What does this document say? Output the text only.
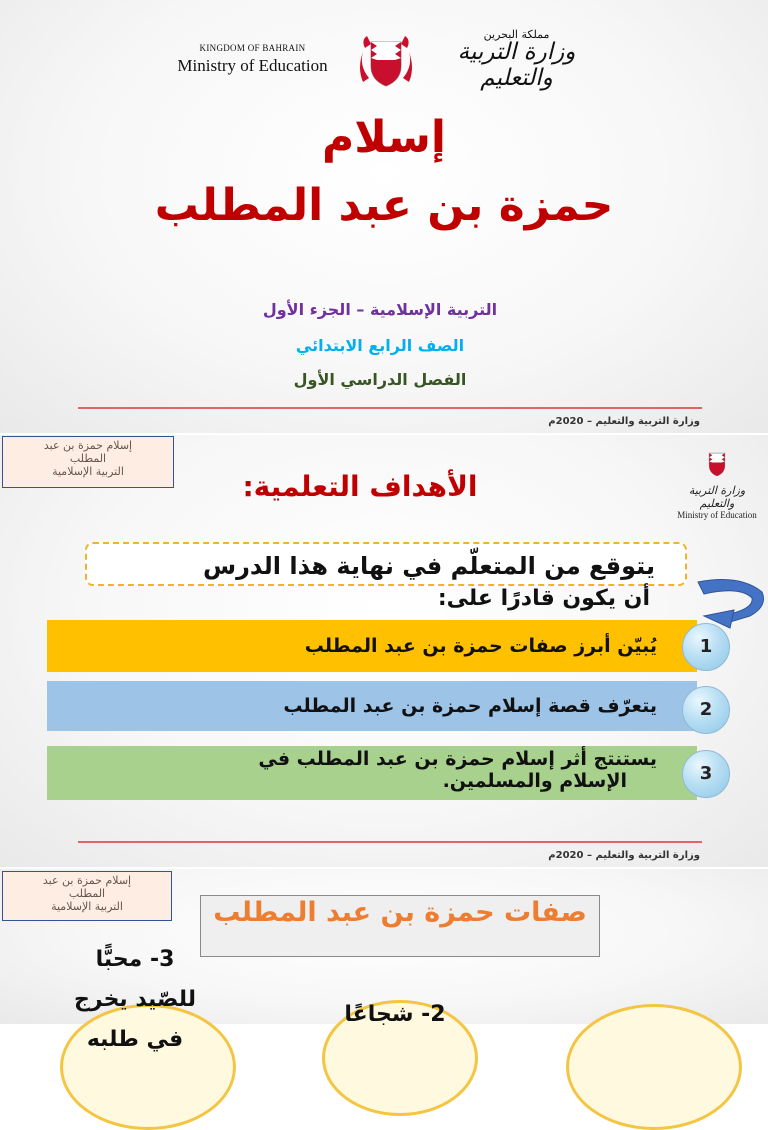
KINGDOM OF BAHRAIN
Ministry of Education
مملكة البحرين
وزارة التربية والتعليم
إسلام
حمزة بن عبد المطلب
التربية الإسلامية – الجزء الأول
الصف الرابع الابتدائي
الفصل الدراسي الأول
وزارة التربية والتعليم – 2020م
وزارة التربية والتعليم – 2020م
إسلام حمزة بن عبد
المطلب
التربية الإسلامية	الأهداف التعلمية:	وزارة التربية والتعليم
Ministry of Education
يتوقع من المتعلّم في نهاية هذا الدرس
أن يكون قادرًا على:
يُبيّن أبرز صفات حمزة بن عبد المطلب	1
يتعرّف قصة إسلام حمزة بن عبد المطلب	2
يستنتج أثر إسلام حمزة بن عبد المطلب في
الإسلام والمسلمين.	3
إسلام حمزة بن عبد
المطلب
التربية الإسلامية	صفات حمزة بن عبد المطلب
3- محبًّا
للصّيد يخرج
في طلبه
2- شجاعًا
